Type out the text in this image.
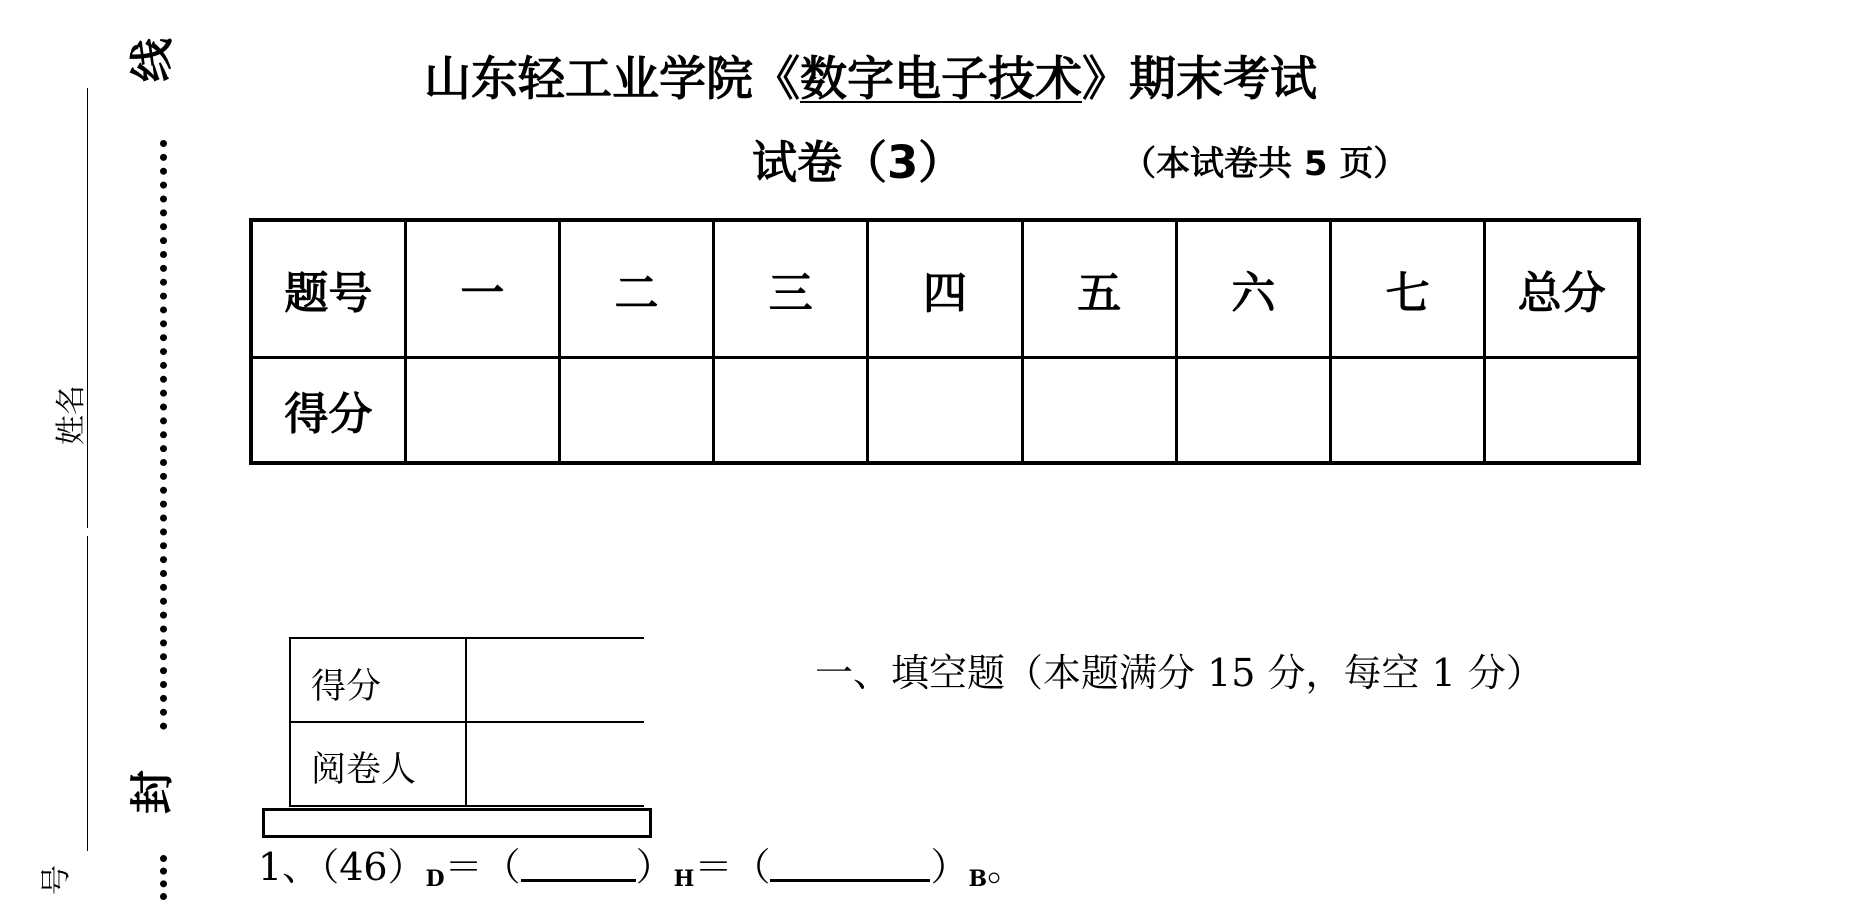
姓名
号
线
封
山东轻工业学院《数字电子技术》期末考试
试卷（3）	（本试卷共 5 页）
题号	一	二	三	四	五	六	七	总分
得分								
得分
阅卷人
一、填空题（本题满分 15 分，每空 1 分）
1、$(46)_D=$（	）$_H=$（	）$_B$。
